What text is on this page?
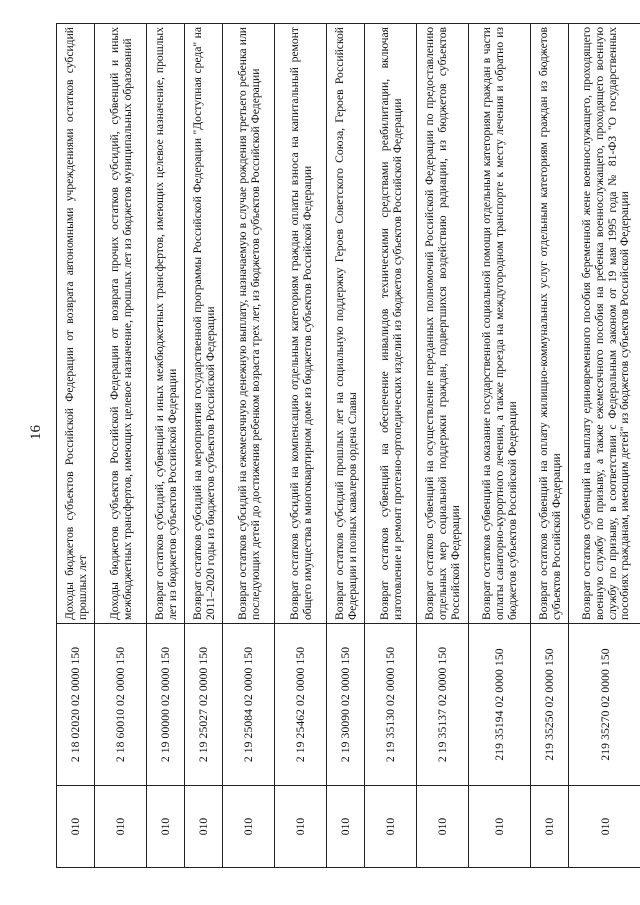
16
010	2 18 02020 02 0000 150	Доходы бюджетов субъектов Российской Федерации от возврата автономными учреждениями остатков субсидий прошлых лет
010	2 18 60010 02 0000 150	Доходы бюджетов субъектов Российской Федерации от возврата прочих остатков субсидий, субвенций и иных межбюджетных трансфертов, имеющих целевое назначение, прошлых лет из бюджетов муниципальных образований
010	2 19 00000 02 0000 150	Возврат остатков субсидий, субвенций и иных межбюджетных трансфертов, имеющих целевое назначение, прошлых лет из бюджетов субъектов Российской Федерации
010	2 19 25027 02 0000 150	Возврат остатков субсидий на мероприятия государственной программы Российской Федерации "Доступная среда" на 2011–2020 годы из бюджетов субъектов Российской Федерации
010	2 19 25084 02 0000 150	Возврат остатков субсидий на ежемесячную денежную выплату, назначаемую в случае рождения третьего ребенка или последующих детей до достижения ребенком возраста трех лет, из бюджетов субъектов Российской Федерации
010	2 19 25462 02 0000 150	Возврат остатков субсидий на компенсацию отдельным категориям граждан оплаты взноса на капитальный ремонт общего имущества в многоквартирном доме из бюджетов субъектов Российской Федерации
010	2 19 30090 02 0000 150	Возврат остатков субсидий прошлых лет на социальную поддержку Героев Советского Союза, Героев Российской Федерации и полных кавалеров ордена Славы
010	2 19 35130 02 0000 150	Возврат остатков субвенций на обеспечение инвалидов техническими средствами реабилитации, включая изготовление и ремонт протезно-ортопедических изделий из бюджетов субъектов Российской Федерации
010	2 19 35137 02 0000 150	Возврат остатков субвенций на осуществление переданных полномочий Российской Федерации по предоставлению отдельных мер социальной поддержки граждан, подвергшихся воздействию радиации, из бюджетов субъектов Российской Федерации
010	219 35194 02 0000 150	Возврат остатков субвенций на оказание государственной социальной помощи отдельным категориям граждан в части оплаты санаторно-курортного лечения, а также проезда на междугородном транспорте к месту лечения и обратно из бюджетов субъектов Российской Федерации
010	219 35250 02 0000 150	Возврат остатков субвенций на оплату жилищно-коммунальных услуг отдельным категориям граждан из бюджетов субъектов Российской Федерации
010	219 35270 02 0000 150	Возврат остатков субвенций на выплату единовременного пособия беременной жене военнослужащего, проходящего военную службу по призыву, а также ежемесячного пособия на ребенка военнослужащего, проходящего военную службу по призыву, в соответствии с Федеральным законом от 19 мая 1995 года № 81-ФЗ "О государственных пособиях гражданам, имеющим детей" из бюджетов субъектов Российской Федерации
